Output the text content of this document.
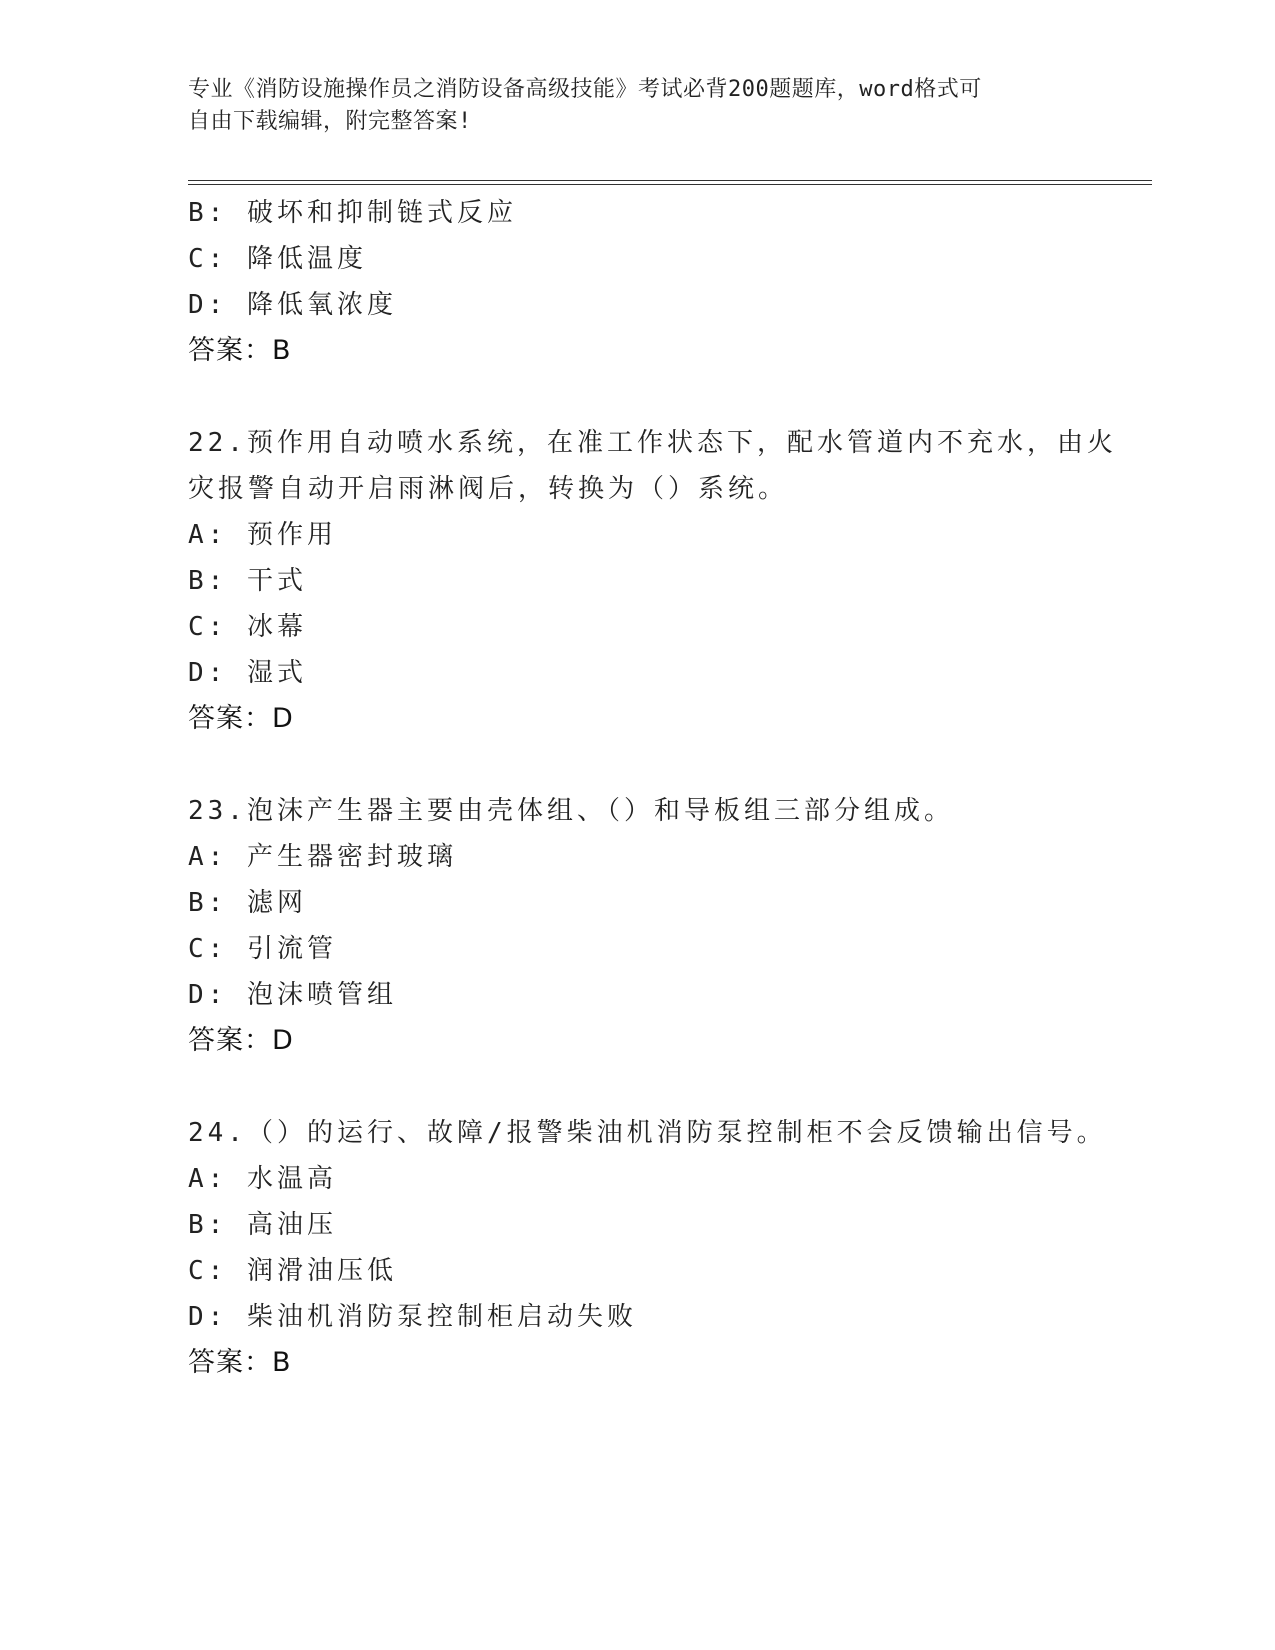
专业《消防设施操作员之消防设备高级技能》考试必背200题题库，word格式可
自由下载编辑，附完整答案!
B: 破坏和抑制链式反应
C: 降低温度
D: 降低氧浓度
答案：B
22.预作用自动喷水系统，在准工作状态下，配水管道内不充水，由火
灾报警自动开启雨淋阀后，转换为（）系统。
A: 预作用
B: 干式
C: 冰幕
D: 湿式
答案：D
23.泡沫产生器主要由壳体组、（）和导板组三部分组成。
A: 产生器密封玻璃
B: 滤网
C: 引流管
D: 泡沫喷管组
答案：D
24.（）的运行、故障/报警柴油机消防泵控制柜不会反馈输出信号。
A: 水温高
B: 高油压
C: 润滑油压低
D: 柴油机消防泵控制柜启动失败
答案：B
